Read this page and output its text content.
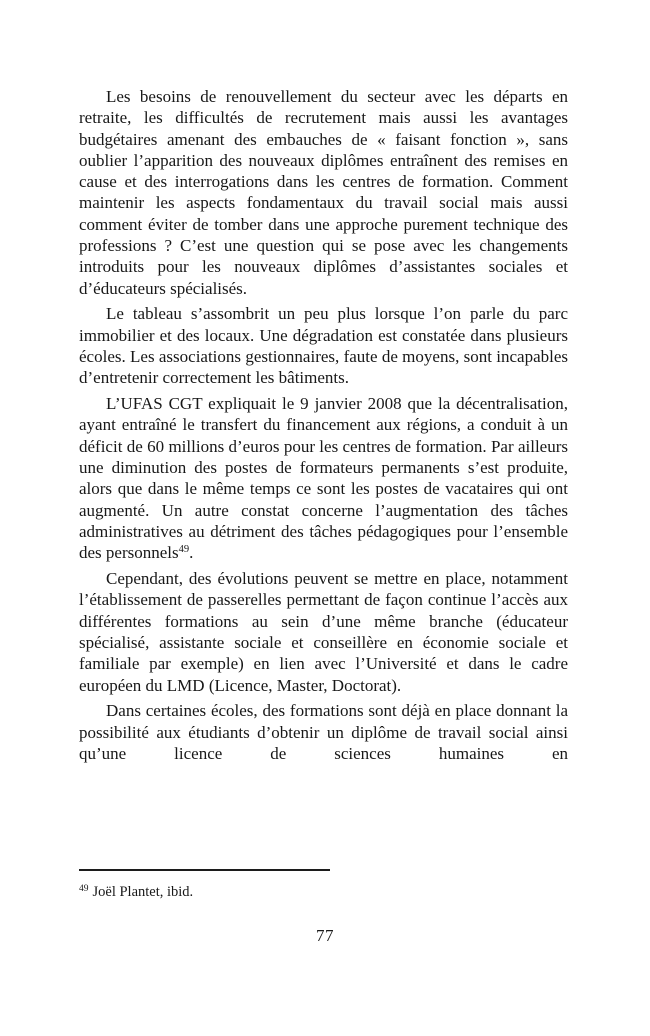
Les besoins de renouvellement du secteur avec les départs en retraite, les difficultés de recrutement mais aussi les avantages budgétaires amenant des embauches de « faisant fonction », sans oublier l’apparition des nouveaux diplômes entraînent des remises en cause et des interrogations dans les centres de formation. Comment maintenir les aspects fondamentaux du travail social mais aussi comment éviter de tomber dans une approche purement technique des professions ? C’est une question qui se pose avec les changements introduits pour les nouveaux diplômes d’assistantes sociales et d’éducateurs spécialisés.

Le tableau s’assombrit un peu plus lorsque l’on parle du parc immobilier et des locaux. Une dégradation est constatée dans plusieurs écoles. Les associations gestionnaires, faute de moyens, sont incapables d’entretenir correctement les bâtiments.

L’UFAS CGT expliquait le 9 janvier 2008 que la décentralisation, ayant entraîné le transfert du financement aux régions, a conduit à un déficit de 60 millions d’euros pour les centres de formation. Par ailleurs une diminution des postes de formateurs permanents s’est produite, alors que dans le même temps ce sont les postes de vacataires qui ont augmenté. Un autre constat concerne l’augmentation des tâches administratives au détriment des tâches pédagogiques pour l’ensemble des personnels$^{49}$.

Cependant, des évolutions peuvent se mettre en place, notamment l’établissement de passerelles permettant de façon continue l’accès aux différentes formations au sein d’une même branche (éducateur spécialisé, assistante sociale et conseillère en économie sociale et familiale par exemple) en lien avec l’Université et dans le cadre européen du LMD (Licence, Master, Doctorat).

Dans certaines écoles, des formations sont déjà en place donnant la possibilité aux étudiants d’obtenir un diplôme de travail social ainsi qu’une licence de sciences humaines en

$^{49}$ Joël Plantet, ibid.
77
